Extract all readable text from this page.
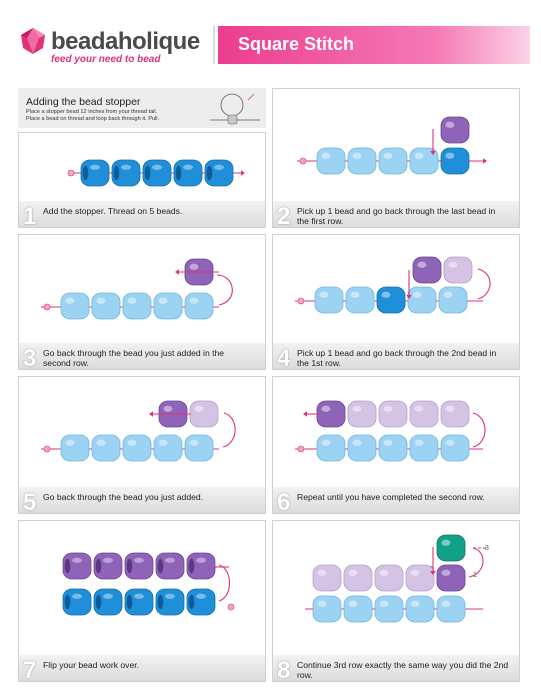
beadaholique
feed your need to bead
Square Stitch
Adding the bead stopper
Place a stopper bead 12 inches from your thread tail.
Place a bead on thread and loop back through it. Pull.
1 Add the stopper. Thread on 5 beads.	2 Pick up 1 bead and go back through the last bead in the first row.
3 Go back through the bead you just added in the second row.	4 Pick up 1 bead and go back through the 2nd bead in the 1st row.
5 Go back through the bead you just added.	6 Repeat until you have completed the second row.
7 Flip your bead work over.
3
1
8 Continue 3rd row exactly the same way you did the 2nd row.
